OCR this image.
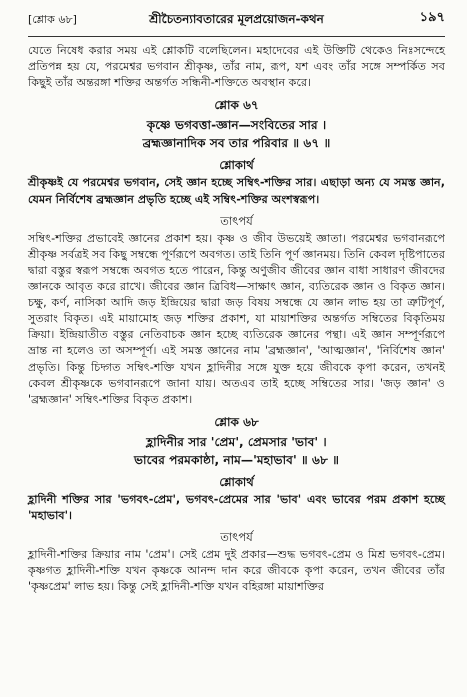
[শ্লোক ৬৮]	শ্রীচৈতন্যাবতারের মূলপ্রয়োজন-কথন	১৯৭

যেতে নিষেধ করার সময় এই শ্লোকটি বলেছিলেন। মহাদেবের এই উক্তিটি থেকেও নিঃসন্দেহে প্রতিপন্ন হয় যে, পরমেশ্বর ভগবান শ্রীকৃষ্ণ, তাঁর নাম, রূপ, যশ এবং তাঁর সঙ্গে সম্পর্কিত সব কিছুই তাঁর অন্তরঙ্গা শক্তির অন্তর্গত সন্ধিনী-শক্তিতে অবস্থান করে।

শ্লোক ৬৭
কৃষ্ণে ভগবত্তা-জ্ঞান—সংবিতের সার ।
ব্রহ্মজ্ঞানাদিক সব তার পরিবার ॥ ৬৭ ॥
শ্লোকার্থ

শ্রীকৃষ্ণই যে পরমেশ্বর ভগবান, সেই জ্ঞান হচ্ছে সম্বিৎ-শক্তির সার। এছাড়া অন্য যে সমস্ত জ্ঞান, যেমন নির্বিশেষ ব্রহ্মজ্ঞান প্রভৃতি হচ্ছে এই সম্বিৎ-শক্তির অংশস্বরূপ।

তাৎপর্য

সম্বিৎ-শক্তির প্রভাবেই জ্ঞানের প্রকাশ হয়। কৃষ্ণ ও জীব উভয়েই জ্ঞাতা। পরমেশ্বর ভগবানরূপে শ্রীকৃষ্ণ সর্বত্রই সব কিছু সম্বন্ধে পূর্ণরূপে অবগত। তাই তিনি পূর্ণ জ্ঞানময়। তিনি কেবল দৃষ্টিপাতের দ্বারা বস্তুর স্বরূপ সম্বন্ধে অবগত হতে পারেন, কিন্তু অণুজীব জীবের জ্ঞান বাধা সাধারণ জীবদের জ্ঞানকে আবৃত করে রাখে। জীবের জ্ঞান ত্রিবিধ—সাক্ষাৎ জ্ঞান, ব্যতিরেক জ্ঞান ও বিকৃত জ্ঞান। চক্ষু, কর্ণ, নাসিকা আদি জড় ইন্দ্রিয়ের দ্বারা জড় বিষয় সম্বন্ধে যে জ্ঞান লাভ হয় তা ত্রুটিপূর্ণ, সুতরাং বিকৃত। এই মায়ামোহ জড় শক্তির প্রকাশ, যা মায়াশক্তির অন্তর্গত সম্বিতের বিকৃতিময় ক্রিয়া। ইন্দ্রিয়াতীত বস্তুর নেতিবাচক জ্ঞান হচ্ছে ব্যতিরেক জ্ঞানের পন্থা। এই জ্ঞান সম্পূর্ণরূপে ভ্রান্ত না হলেও তা অসম্পূর্ণ। এই সমস্ত জ্ঞানের নাম 'ব্রহ্মজ্ঞান', 'আত্মজ্ঞান', 'নির্বিশেষ জ্ঞান' প্রভৃতি। কিন্তু চিদ্গত সম্বিৎ-শক্তি যখন হ্লাদিনীর সঙ্গে যুক্ত হয়ে জীবকে কৃপা করেন, তখনই কেবল শ্রীকৃষ্ণকে ভগবানরূপে জানা যায়। অতএব তাই হচ্ছে সম্বিতের সার। 'জড় জ্ঞান' ও 'ব্রহ্মজ্ঞান' সম্বিৎ-শক্তির বিকৃত প্রকাশ।

শ্লোক ৬৮
হ্লাদিনীর সার 'প্রেম', প্রেমসার 'ভাব' ।
ভাবের পরমকাষ্ঠা, নাম—'মহাভাব' ॥ ৬৮ ॥
শ্লোকার্থ

হ্লাদিনী শক্তির সার 'ভগবৎ-প্রেম', ভগবৎ-প্রেমের সার 'ভাব' এবং ভাবের পরম প্রকাশ হচ্ছে 'মহাভাব'।

তাৎপর্য

হ্লাদিনী-শক্তির ক্রিয়ার নাম 'প্রেম'। সেই প্রেম দুই প্রকার—শুদ্ধ ভগবৎ-প্রেম ও মিশ্র ভগবৎ-প্রেম। কৃষ্ণগত হ্লাদিনী-শক্তি যখন কৃষ্ণকে আনন্দ দান করে জীবকে কৃপা করেন, তখন জীবের তাঁর 'কৃষ্ণপ্রেম' লাভ হয়। কিন্তু সেই হ্লাদিনী-শক্তি যখন বহিরঙ্গা মায়াশক্তির
